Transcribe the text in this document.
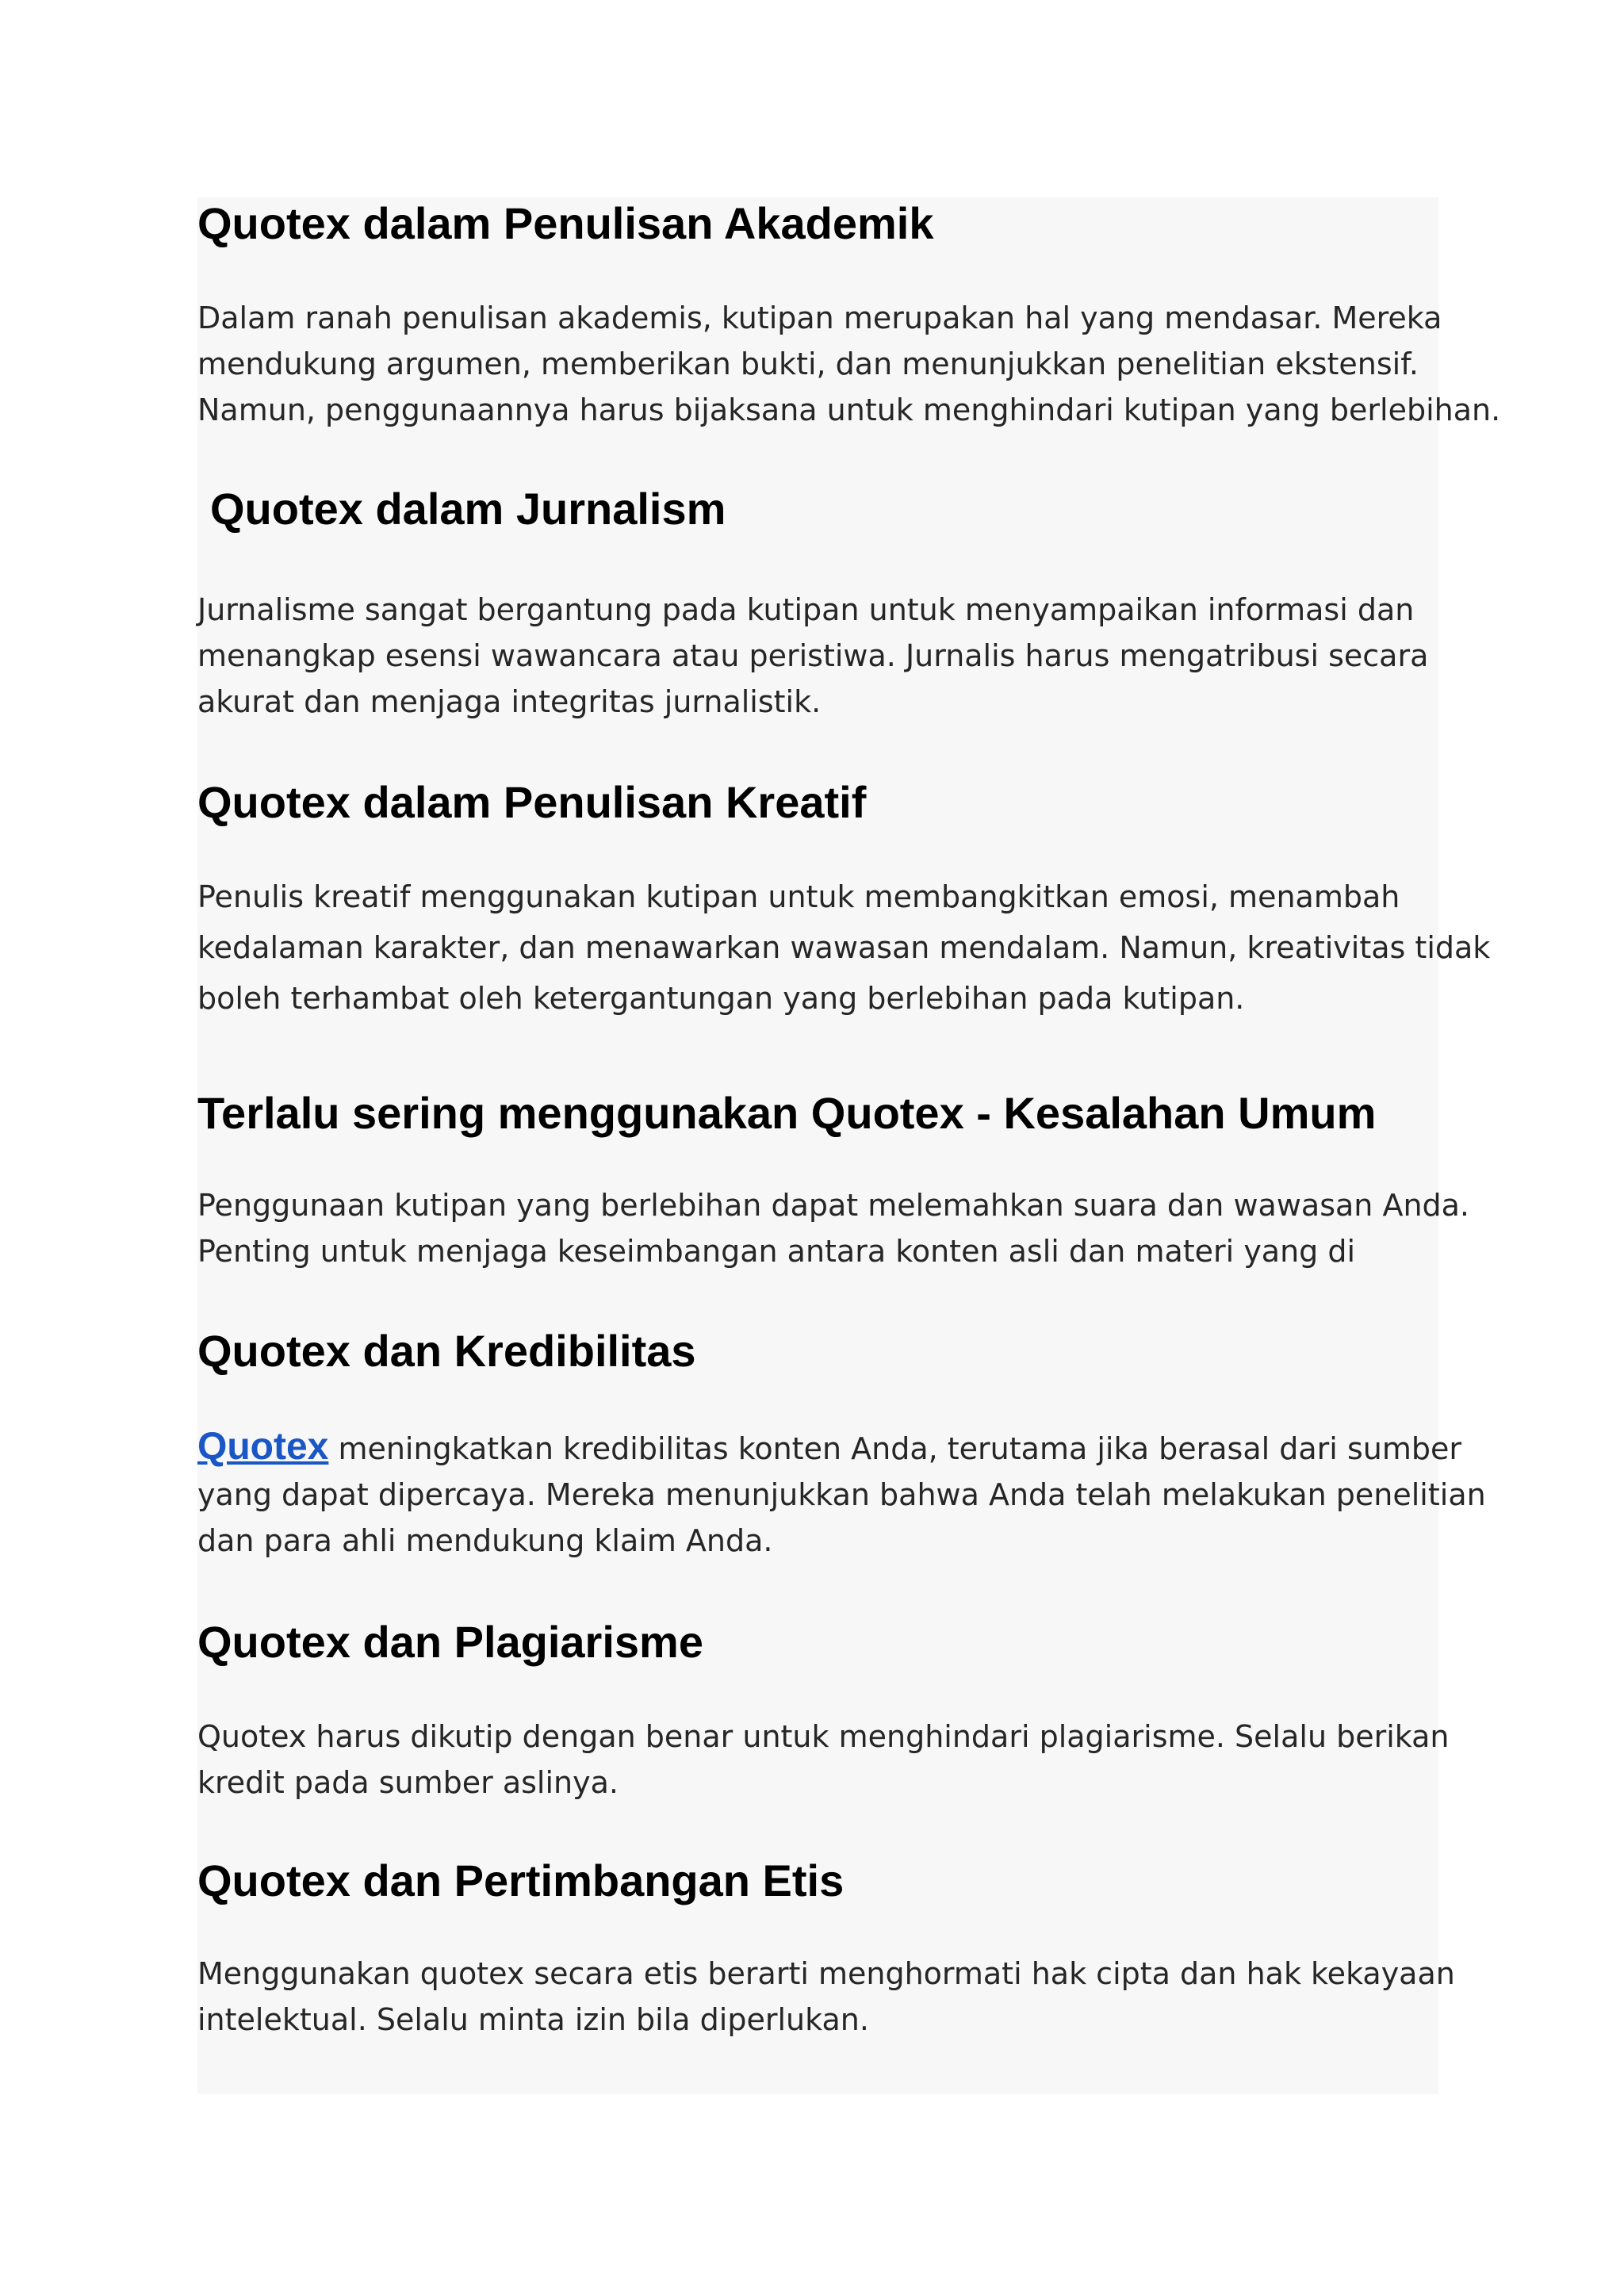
Quotex dalam Penulisan Akademik

Dalam ranah penulisan akademis, kutipan merupakan hal yang mendasar. Mereka
mendukung argumen, memberikan bukti, dan menunjukkan penelitian ekstensif.
Namun, penggunaannya harus bijaksana untuk menghindari kutipan yang berlebihan.

Quotex dalam Jurnalism

Jurnalisme sangat bergantung pada kutipan untuk menyampaikan informasi dan
menangkap esensi wawancara atau peristiwa. Jurnalis harus mengatribusi secara
akurat dan menjaga integritas jurnalistik.

Quotex dalam Penulisan Kreatif

Penulis kreatif menggunakan kutipan untuk membangkitkan emosi, menambah
kedalaman karakter, dan menawarkan wawasan mendalam. Namun, kreativitas tidak
boleh terhambat oleh ketergantungan yang berlebihan pada kutipan.

Terlalu sering menggunakan Quotex - Kesalahan Umum

Penggunaan kutipan yang berlebihan dapat melemahkan suara dan wawasan Anda.
Penting untuk menjaga keseimbangan antara konten asli dan materi yang di

Quotex dan Kredibilitas

Quotex meningkatkan kredibilitas konten Anda, terutama jika berasal dari sumber
yang dapat dipercaya. Mereka menunjukkan bahwa Anda telah melakukan penelitian
dan para ahli mendukung klaim Anda.

Quotex dan Plagiarisme

Quotex harus dikutip dengan benar untuk menghindari plagiarisme. Selalu berikan
kredit pada sumber aslinya.

Quotex dan Pertimbangan Etis

Menggunakan quotex secara etis berarti menghormati hak cipta dan hak kekayaan
intelektual. Selalu minta izin bila diperlukan.
